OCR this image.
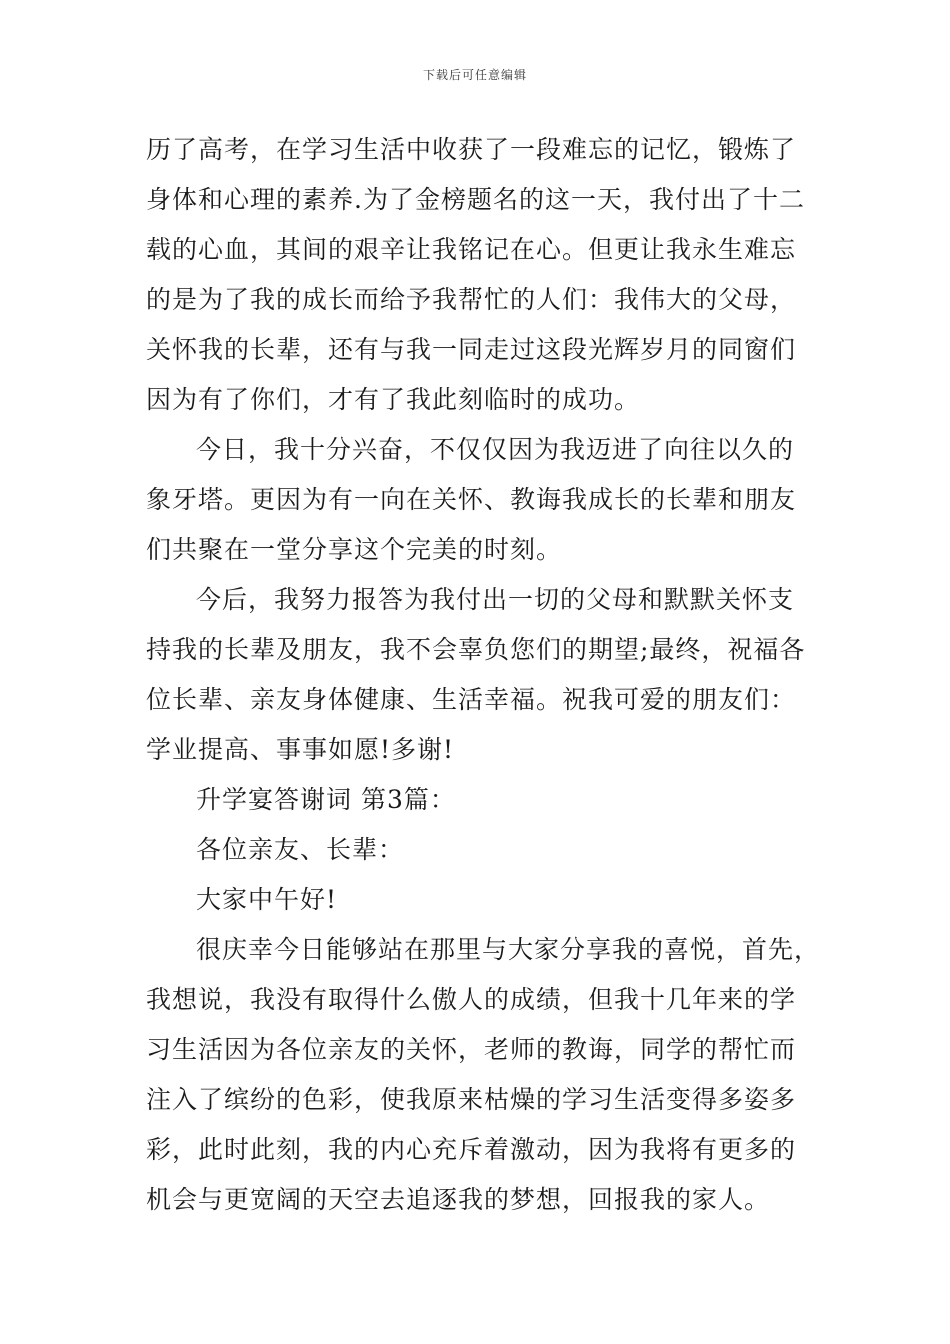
下载后可任意编辑
历了高考，在学习生活中收获了一段难忘的记忆，锻炼了
身体和心理的素养.为了金榜题名的这一天，我付出了十二
载的心血，其间的艰辛让我铭记在心。但更让我永生难忘
的是为了我的成长而给予我帮忙的人们：我伟大的父母，
关怀我的长辈，还有与我一同走过这段光辉岁月的同窗们
因为有了你们，才有了我此刻临时的成功。
今日，我十分兴奋，不仅仅因为我迈进了向往以久的
象牙塔。更因为有一向在关怀、教诲我成长的长辈和朋友
们共聚在一堂分享这个完美的时刻。
今后，我努力报答为我付出一切的父母和默默关怀支
持我的长辈及朋友，我不会辜负您们的期望;最终，祝福各
位长辈、亲友身体健康、生活幸福。祝我可爱的朋友们：
学业提高、事事如愿!多谢!
升学宴答谢词 第3篇：
各位亲友、长辈：
大家中午好!
很庆幸今日能够站在那里与大家分享我的喜悦，首先，
我想说，我没有取得什么傲人的成绩，但我十几年来的学
习生活因为各位亲友的关怀，老师的教诲，同学的帮忙而
注入了缤纷的色彩，使我原来枯燥的学习生活变得多姿多
彩，此时此刻，我的内心充斥着激动，因为我将有更多的
机会与更宽阔的天空去追逐我的梦想，回报我的家人。
